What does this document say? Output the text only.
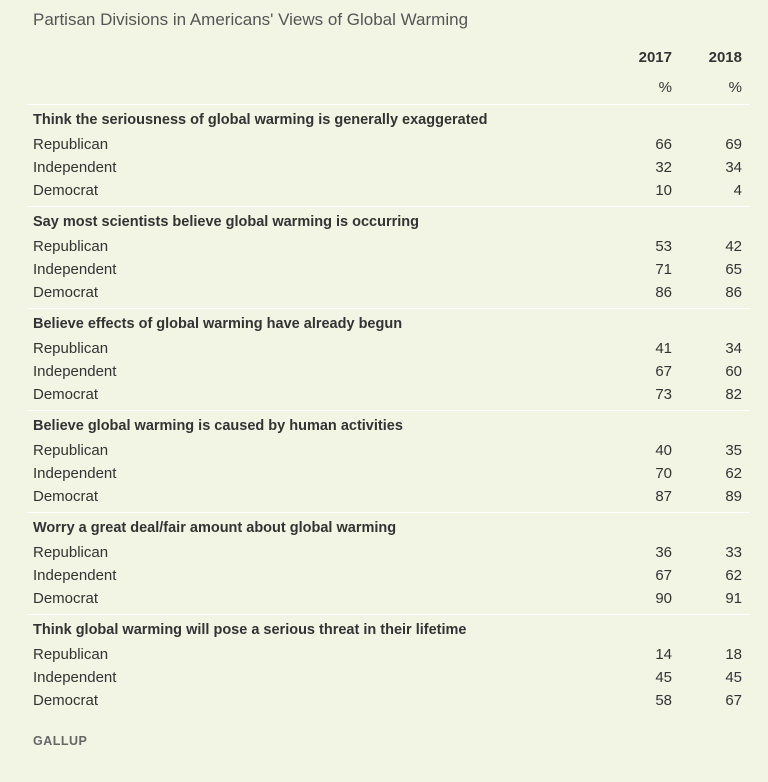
Partisan Divisions in Americans' Views of Global Warming
2017	2018
%	%
Think the seriousness of global warming is generally exaggerated
Republican	66	69
Independent	32	34
Democrat	10	4
Say most scientists believe global warming is occurring
Republican	53	42
Independent	71	65
Democrat	86	86
Believe effects of global warming have already begun
Republican	41	34
Independent	67	60
Democrat	73	82
Believe global warming is caused by human activities
Republican	40	35
Independent	70	62
Democrat	87	89
Worry a great deal/fair amount about global warming
Republican	36	33
Independent	67	62
Democrat	90	91
Think global warming will pose a serious threat in their lifetime
Republican	14	18
Independent	45	45
Democrat	58	67
GALLUP
